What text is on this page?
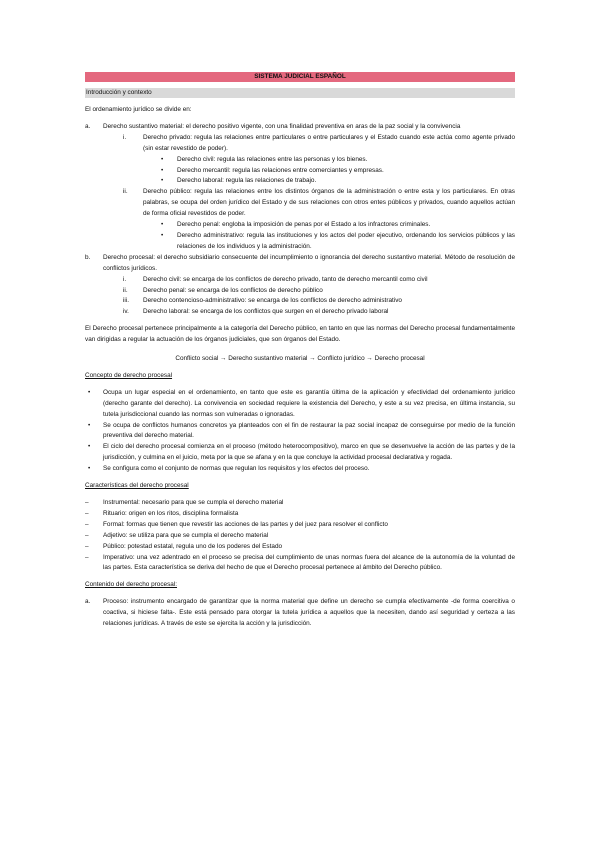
SISTEMA JUDICIAL ESPAÑOL
Introducción y contexto

El ordenamiento jurídico se divide en:

a. Derecho sustantivo material: el derecho positivo vigente, con una finalidad preventiva en aras de la paz social y la convivencia

i.	Derecho privado: regula las relaciones entre particulares o entre particulares y el Estado cuando este actúa como agente privado (sin estar revestido de poder).

• Derecho civil: regula las relaciones entre las personas y los bienes.

• Derecho mercantil: regula las relaciones entre comerciantes y empresas.

• Derecho laboral: regula las relaciones de trabajo.

ii. Derecho público: regula las relaciones entre los distintos órganos de la administración o entre esta y los particulares. En otras palabras, se ocupa del orden jurídico del Estado y de sus relaciones con otros entes públicos y privados, cuando aquellos actúan de forma oficial revestidos de poder.

• Derecho penal: engloba la imposición de penas por el Estado a los infractores criminales.

• Derecho administrativo: regula las instituciones y los actos del poder ejecutivo, ordenando los servicios públicos y las relaciones de los individuos y la administración.

b. Derecho procesal: el derecho subsidiario consecuente del incumplimiento o ignorancia del derecho sustantivo material. Método de resolución de conflictos jurídicos.

i.	Derecho civil: se encarga de los conflictos de derecho privado, tanto de derecho mercantil como civil

ii. Derecho penal: se encarga de los conflictos de derecho público

iii. Derecho contencioso-administrativo: se encarga de los conflictos de derecho administrativo

iv. Derecho laboral: se encarga de los conflictos que surgen en el derecho privado laboral

El Derecho procesal pertenece principalmente a la categoría del Derecho público, en tanto en que las normas del Derecho procesal fundamentalmente van dirigidas a regular la actuación de los órganos judiciales, que son órganos del Estado.

Conflicto social → Derecho sustantivo material → Conflicto jurídico → Derecho procesal

Concepto de derecho procesal
• Ocupa un lugar especial en el ordenamiento, en tanto que este es garantía última de la aplicación y efectividad del ordenamiento jurídico (derecho garante del derecho). La convivencia en sociedad requiere la existencia del Derecho, y este a su vez precisa, en última instancia, su tutela jurisdiccional cuando las normas son vulneradas o ignoradas.

• Se ocupa de conflictos humanos concretos ya planteados con el fin de restaurar la paz social incapaz de conseguirse por medio de la función preventiva del derecho material.

• El ciclo del derecho procesal comienza en el proceso (método heterocompositivo), marco en que se desenvuelve la acción de las partes y de la jurisdicción, y culmina en el juicio, meta por la que se afana y en la que concluye la actividad procesal declarativa y rogada.

• Se configura como el conjunto de normas que regulan los requisitos y los efectos del proceso.

Características del derecho procesal
– Instrumental: necesario para que se cumpla el derecho material

– Rituario: origen en los ritos, disciplina formalista

– Formal: formas que tienen que revestir las acciones de las partes y del juez para resolver el conflicto

– Adjetivo: se utiliza para que se cumpla el derecho material

– Público: potestad estatal, regula uno de los poderes del Estado

– Imperativo: una vez adentrado en el proceso se precisa del cumplimiento de unas normas fuera del alcance de la autonomía de la voluntad de las partes. Esta característica se deriva del hecho de que el Derecho procesal pertenece al ámbito del Derecho público.

Contenido del derecho procesal:
a. Proceso: instrumento encargado de garantizar que la norma material que define un derecho se cumpla efectivamente -de forma coercitiva o coactiva, si hiciese falta-. Este está pensado para otorgar la tutela jurídica a aquellos que la necesiten, dando así seguridad y certeza a las relaciones jurídicas. A través de este se ejercita la acción y la jurisdicción.
